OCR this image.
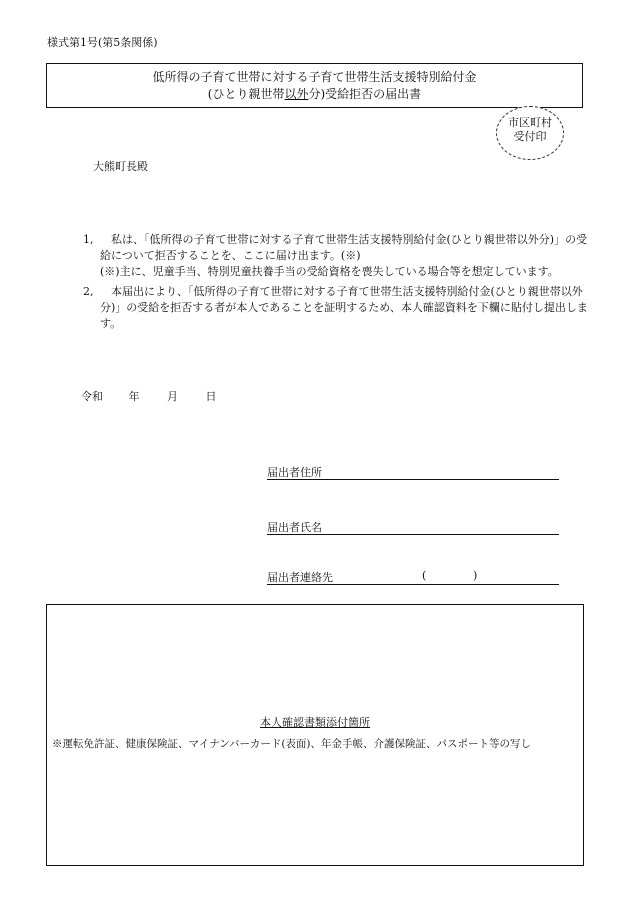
様式第1号(第5条関係)
低所得の子育て世帯に対する子育て世帯生活支援特別給付金
(ひとり親世帯以外分)受給拒否の届出書
市区町村
受付印
大熊町長殿
1, 　私は、「低所得の子育て世帯に対する子育て世帯生活支援特別給付金(ひとり親世帯以外分)」の受給について拒否することを、ここに届け出ます。(※)
(※)主に、児童手当、特別児童扶養手当の受給資格を喪失している場合等を想定しています。
2, 　本届出により、「低所得の子育て世帯に対する子育て世帯生活支援特別給付金(ひとり親世帯以外分)」の受給を拒否する者が本人であることを証明するため、本人確認資料を下欄に貼付し提出します。
令和 年	月	日
届出者住所
届出者氏名
届出者連絡先	(	)
本人確認書類添付箇所
※運転免許証、健康保険証、マイナンバーカード(表面)、年金手帳、介護保険証、パスポート等の写し
